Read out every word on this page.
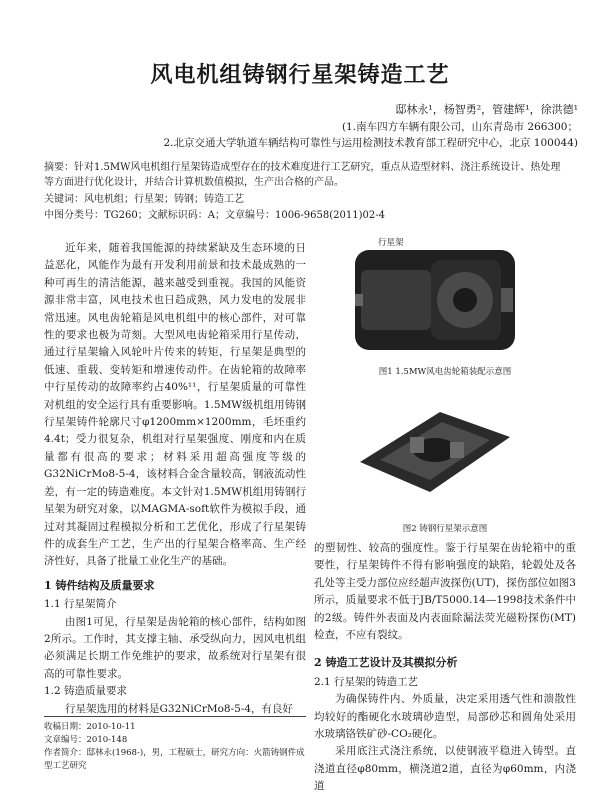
风电机组铸钢行星架铸造工艺
邸林永¹，杨智勇²，管建辉¹，徐洪德¹
(1.南车四方车辆有限公司，山东青岛市 266300；
2.北京交通大学轨道车辆结构可靠性与运用检测技术教育部工程研究中心，北京 100044)
摘要：针对1.5MW风电机组行星架铸造成型存在的技术难度进行工艺研究，重点从造型材料、浇注系统设计、热处理等方面进行优化设计，并结合计算机数值模拟，生产出合格的产品。
关键词：风电机组；行星架；铸钢；铸造工艺
中图分类号：TG260；文献标识码：A；文章编号：1006-9658(2011)02-4

近年来，随着我国能源的持续紧缺及生态环境的日益恶化，风能作为最有开发利用前景和技术最成熟的一种可再生的清洁能源，越来越受到重视。我国的风能资源非常丰富，风电技术也日趋成熟，风力发电的发展非常迅速。风电齿轮箱是风电机组中的核心部件，对可靠性的要求也极为苛刻。大型风电齿轮箱采用行星传动，通过行星架输入风轮叶片传来的转矩，行星架是典型的低速、重载、变转矩和增速传动件。在齿轮箱的故障率中行星传动的故障率约占40%¹¹，行星架质量的可靠性对机组的安全运行具有重要影响。1.5MW级机组用铸钢行星架铸件轮廓尺寸φ1200mm×1200mm，毛坯重约4.4t；受力很复杂，机组对行星架强度、刚度和内在质量都有很高的要求；材料采用超高强度等级的G32NiCrMo8-5-4，该材料合金含量较高，钢液流动性差，有一定的铸造难度。本文针对1.5MW机组用铸钢行星架为研究对象，以MAGMA-soft软件为模拟手段，通过对其凝固过程模拟分析和工艺优化，形成了行星架铸件的成套生产工艺，生产出的行星架合格率高、生产经济性好，具备了批量工业化生产的基础。

1 铸件结构及质量要求
1.1 行星架简介

由图1可见，行星架是齿轮箱的核心部件，结构如图2所示。工作时，其支撑主轴、承受纵向力，因风电机组必须满足长期工作免维护的要求，故系统对行星架有很高的可靠性要求。

1.2 铸造质量要求

行星架选用的材料是G32NiCrMo8-5-4，有良好

行星架
图1 1.5MW风电齿轮箱装配示意图
图2 铸钢行星架示意图

的塑韧性、较高的强度性。鉴于行星架在齿轮箱中的重要性，行星架铸件不得有影响强度的缺陷，轮毂处及各孔处等主受力部位应经超声波探伤(UT)，探伤部位如图3所示，质量要求不低于JB/T5000.14—1998技术条件中的2级。铸件外表面及内表面除漏法荧光磁粉探伤(MT)检查，不应有裂纹。

2 铸造工艺设计及其模拟分析
2.1 行星架的铸造工艺

为确保铸件内、外质量，决定采用透气性和溃散性均较好的酯硬化水玻璃砂造型，局部砂芯和圆角处采用水玻璃铬铁矿砂-CO₂硬化。

采用底注式浇注系统，以使钢液平稳进入铸型。直浇道直径φ80mm，横浇道2道，直径为φ60mm，内浇道

收稿日期：2010-10-11
文章编号：2010-148
作者简介：邸林永(1968-)，男，工程硕士，研究方向：火箭铸钢件成型工艺研究
